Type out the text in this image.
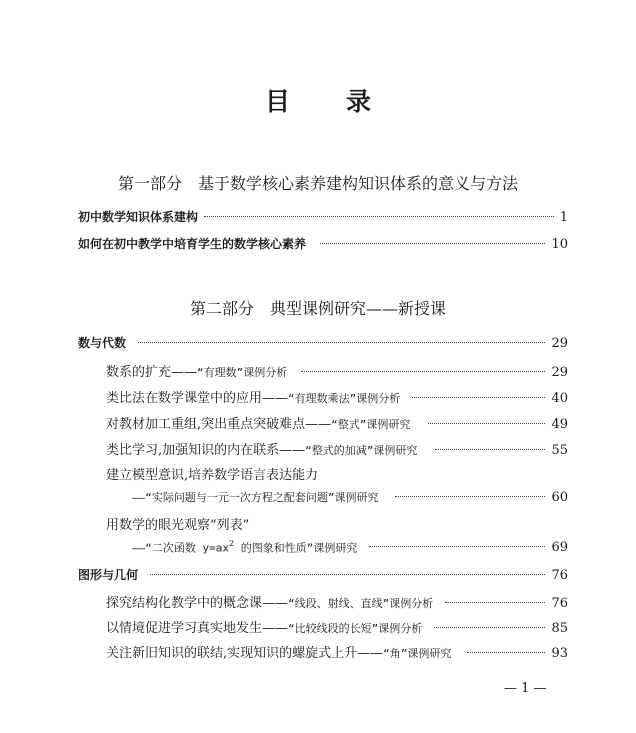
目 录
第一部分　基于数学核心素养建构知识体系的意义与方法
初中数学知识体系建构	1
如何在初中教学中培育学生的数学核心素养	10
第二部分　典型课例研究——新授课
数与代数	29
数系的扩充——“有理数”课例分析	29
类比法在数学课堂中的应用——“有理数乘法”课例分析	40
对教材加工重组,突出重点突破难点——“整式”课例研究	49
类比学习,加强知识的内在联系——“整式的加减”课例研究	55
建立模型意识,培养数学语言表达能力
——“实际问题与一元一次方程之配套问题”课例研究	60
用数学的眼光观察“列表”
——“二次函数 $y=ax^2$ 的图象和性质”课例研究	69
图形与几何	76
探究结构化教学中的概念课——“线段、射线、直线”课例分析	76
以情境促进学习真实地发生——“比较线段的长短”课例分析	85
关注新旧知识的联结,实现知识的螺旋式上升——“角”课例研究	93
— 1 —
